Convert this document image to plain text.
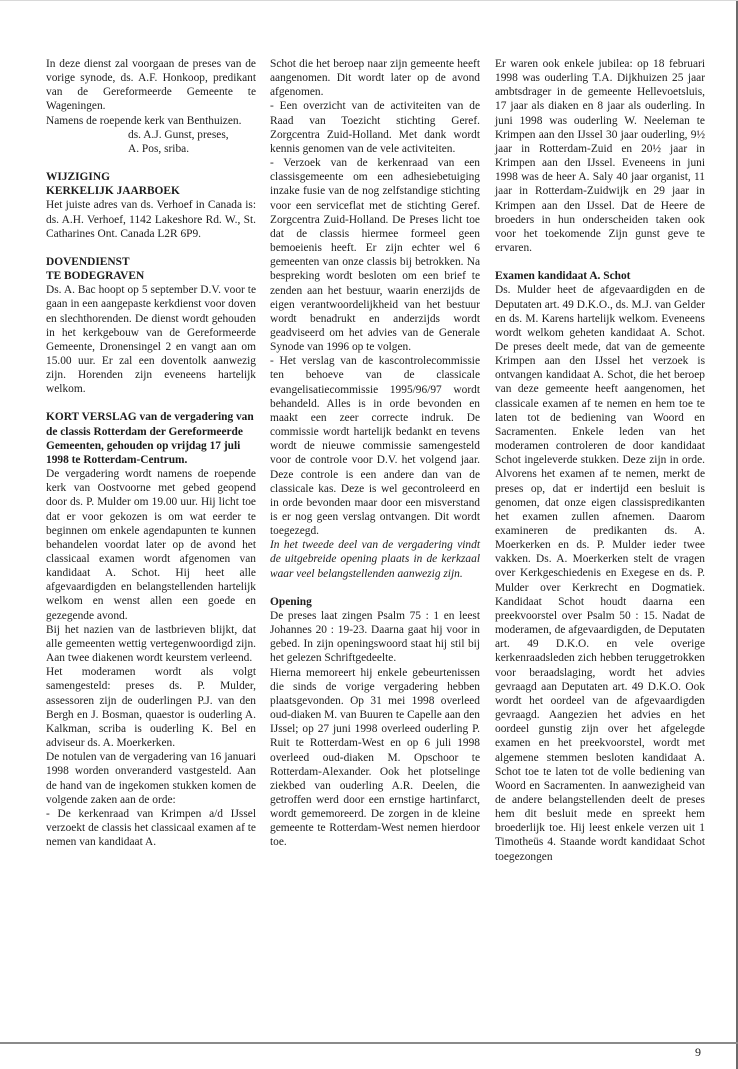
In deze dienst zal voorgaan de preses van de vorige synode, ds. A.F. Honkoop, predikant van de Gereformeerde Gemeente te Wageningen.

Namens de roepende kerk van Benthuizen.

ds. A.J. Gunst, preses,

A. Pos, sriba.

WIJZIGING

KERKELIJK JAARBOEK

Het juiste adres van ds. Verhoef in Canada is: ds. A.H. Verhoef, 1142 Lakeshore Rd. W., St. Catharines Ont. Canada L2R 6P9.

DOVENDIENST

TE BODEGRAVEN

Ds. A. Bac hoopt op 5 september D.V. voor te gaan in een aangepaste kerkdienst voor doven en slechthorenden. De dienst wordt gehouden in het kerkgebouw van de Gereformeerde Gemeente, Dronensingel 2 en vangt aan om 15.00 uur. Er zal een doventolk aanwezig zijn. Horenden zijn eveneens hartelijk welkom.

KORT VERSLAG van de vergadering van de classis Rotterdam der Gereformeerde Gemeenten, gehouden op vrijdag 17 juli 1998 te Rotterdam-Centrum.

De vergadering wordt namens de roepende kerk van Oostvoorne met gebed geopend door ds. P. Mulder om 19.00 uur. Hij licht toe dat er voor gekozen is om wat eerder te beginnen om enkele agendapunten te kunnen behandelen voordat later op de avond het classicaal examen wordt afgenomen van kandidaat A. Schot. Hij heet alle afgevaardigden en belangstellenden hartelijk welkom en wenst allen een goede en gezegende avond.

Bij het nazien van de lastbrieven blijkt, dat alle gemeenten wettig vertegenwoordigd zijn. Aan twee diakenen wordt keurstem verleend.

Het moderamen wordt als volgt samengesteld: preses ds. P. Mulder, assessoren zijn de ouderlingen P.J. van den Bergh en J. Bosman, quaestor is ouderling A. Kalkman, scriba is ouderling K. Bel en adviseur ds. A. Moerkerken.

De notulen van de vergadering van 16 januari 1998 worden onveranderd vastgesteld. Aan de hand van de ingekomen stukken komen de volgende zaken aan de orde:

- De kerkenraad van Krimpen a/d IJssel verzoekt de classis het classicaal examen af te nemen van kandidaat A.

Schot die het beroep naar zijn gemeente heeft aangenomen. Dit wordt later op de avond afgenomen.

- Een overzicht van de activiteiten van de Raad van Toezicht stichting Geref. Zorgcentra Zuid-Holland. Met dank wordt kennis genomen van de vele activiteiten.

- Verzoek van de kerkenraad van een classisgemeente om een adhesiebetuiging inzake fusie van de nog zelfstandige stichting voor een serviceflat met de stichting Geref. Zorgcentra Zuid-Holland. De Preses licht toe dat de classis hiermee formeel geen bemoeienis heeft. Er zijn echter wel 6 gemeenten van onze classis bij betrokken. Na bespreking wordt besloten om een brief te zenden aan het bestuur, waarin enerzijds de eigen verantwoordelijkheid van het bestuur wordt benadrukt en anderzijds wordt geadviseerd om het advies van de Generale Synode van 1996 op te volgen.

- Het verslag van de kascontrolecommissie ten behoeve van de classicale evangelisatiecommissie 1995/96/97 wordt behandeld. Alles is in orde bevonden en maakt een zeer correcte indruk. De commissie wordt hartelijk bedankt en tevens wordt de nieuwe commissie samengesteld voor de controle voor D.V. het volgend jaar. Deze controle is een andere dan van de classicale kas. Deze is wel gecontroleerd en in orde bevonden maar door een misverstand is er nog geen verslag ontvangen. Dit wordt toegezegd.

In het tweede deel van de vergadering vindt de uitgebreide opening plaats in de kerkzaal waar veel belangstellenden aanwezig zijn.

Opening

De preses laat zingen Psalm 75 : 1 en leest Johannes 20 : 19-23. Daarna gaat hij voor in gebed. In zijn openingswoord staat hij stil bij het gelezen Schriftgedeelte.

Hierna memoreert hij enkele gebeurtenissen die sinds de vorige vergadering hebben plaatsgevonden. Op 31 mei 1998 overleed oud-diaken M. van Buuren te Capelle aan den IJssel; op 27 juni 1998 overleed ouderling P. Ruit te Rotterdam-West en op 6 juli 1998 overleed oud-diaken M. Opschoor te Rotterdam-Alexander. Ook het plotselinge ziekbed van ouderling A.R. Deelen, die getroffen werd door een ernstige hartinfarct, wordt gememoreerd. De zorgen in de kleine gemeente te Rotterdam-West nemen hierdoor toe.

Er waren ook enkele jubilea: op 18 februari 1998 was ouderling T.A. Dijkhuizen 25 jaar ambtsdrager in de gemeente Hellevoetsluis, 17 jaar als diaken en 8 jaar als ouderling. In juni 1998 was ouderling W. Neeleman te Krimpen aan den IJssel 30 jaar ouderling, 9½ jaar in Rotterdam-Zuid en 20½ jaar in Krimpen aan den IJssel. Eveneens in juni 1998 was de heer A. Saly 40 jaar organist, 11 jaar in Rotterdam-Zuidwijk en 29 jaar in Krimpen aan den IJssel. Dat de Heere de broeders in hun onderscheiden taken ook voor het toekomende Zijn gunst geve te ervaren.

Examen kandidaat A. Schot

Ds. Mulder heet de afgevaardigden en de Deputaten art. 49 D.K.O., ds. M.J. van Gelder en ds. M. Karens hartelijk welkom. Eveneens wordt welkom geheten kandidaat A. Schot. De preses deelt mede, dat van de gemeente Krimpen aan den IJssel het verzoek is ontvangen kandidaat A. Schot, die het beroep van deze gemeente heeft aangenomen, het classicale examen af te nemen en hem toe te laten tot de bediening van Woord en Sacramenten. Enkele leden van het moderamen controleren de door kandidaat Schot ingeleverde stukken. Deze zijn in orde. Alvorens het examen af te nemen, merkt de preses op, dat er indertijd een besluit is genomen, dat onze eigen classispredikanten het examen zullen afnemen. Daarom examineren de predikanten ds. A. Moerkerken en ds. P. Mulder ieder twee vakken. Ds. A. Moerkerken stelt de vragen over Kerkgeschiedenis en Exegese en ds. P. Mulder over Kerkrecht en Dogmatiek. Kandidaat Schot houdt daarna een preekvoorstel over Psalm 50 : 15. Nadat de moderamen, de afgevaardigden, de Deputaten art. 49 D.K.O. en vele overige kerkenraadsleden zich hebben teruggetrokken voor beraadslaging, wordt het advies gevraagd aan Deputaten art. 49 D.K.O. Ook wordt het oordeel van de afgevaardigden gevraagd. Aangezien het advies en het oordeel gunstig zijn over het afgelegde examen en het preekvoorstel, wordt met algemene stemmen besloten kandidaat A. Schot toe te laten tot de volle bediening van Woord en Sacramenten. In aanwezigheid van de andere belangstellenden deelt de preses hem dit besluit mede en spreekt hem broederlijk toe. Hij leest enkele verzen uit 1 Timotheüs 4. Staande wordt kandidaat Schot toegezongen

9
